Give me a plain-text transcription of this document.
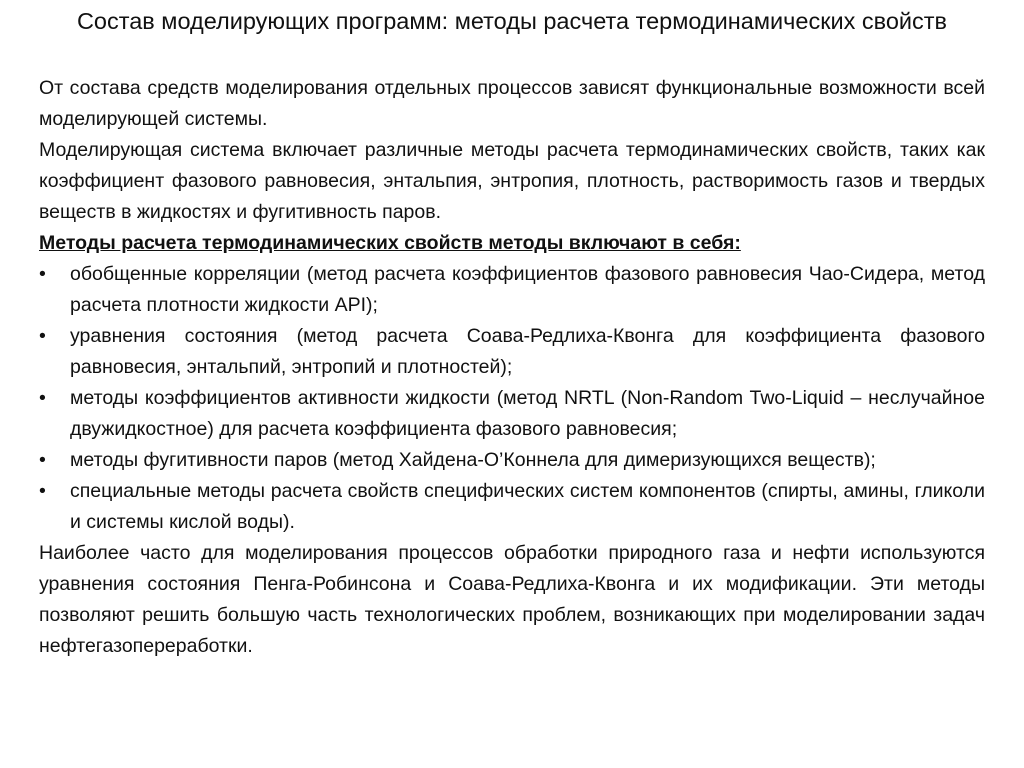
Состав моделирующих программ: методы расчета термодинамических свойств

От состава средств моделирования отдельных процессов зависят функциональные возможности всей моделирующей системы.

Моделирующая система включает различные методы расчета термодинамических свойств, таких как коэффициент фазового равновесия, энтальпия, энтропия, плотность, растворимость газов и твердых веществ в жидкостях и фугитивность паров.

Методы расчета термодинамических свойств методы включают в себя:

•	обобщенные корреляции (метод расчета коэффициентов фазового равновесия Чао-Сидера, метод расчета плотности жидкости API);
•	уравнения состояния (метод расчета Соава-Редлиха-Квонга для коэффициента фазового равновесия, энтальпий, энтропий и плотностей);
•	методы коэффициентов активности жидкости (метод NRTL (Non-Random Two-Liquid – неслучайное двужидкостное) для расчета коэффициента фазового равновесия;
•	методы фугитивности паров (метод Хайдена-О’Коннела для димеризующихся веществ);
•	специальные методы расчета свойств специфических систем компонентов (спирты, амины, гликоли и системы кислой воды).

Наиболее часто для моделирования процессов обработки природного газа и нефти используются уравнения состояния Пенга-Робинсона и Соава-Редлиха-Квонга и их модификации. Эти методы позволяют решить большую часть технологических проблем, возникающих при моделировании задач нефтегазопереработки.
